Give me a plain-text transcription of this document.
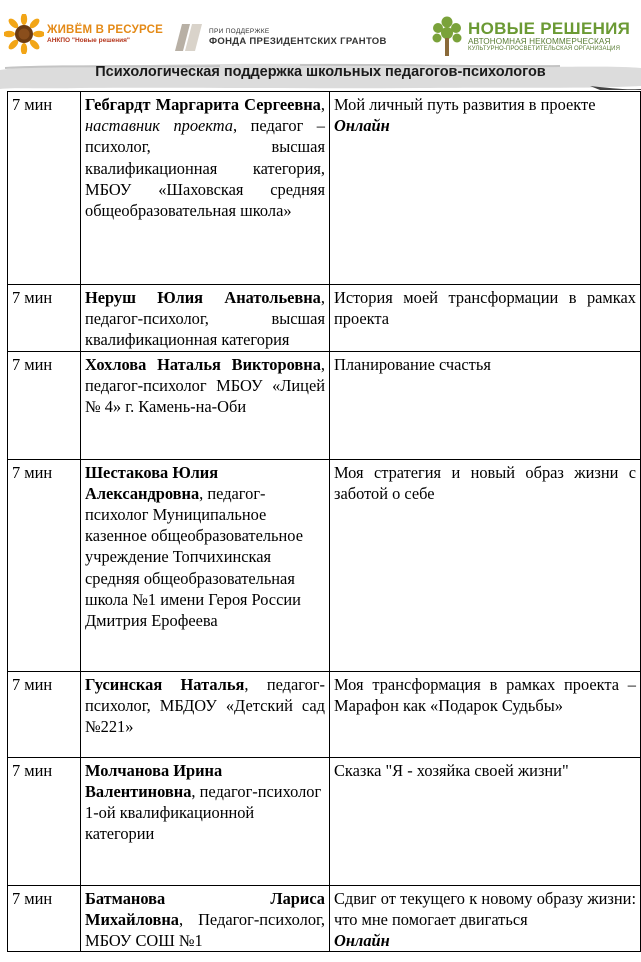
ЖИВЁМ В РЕСУРСЕ
АНКПО "Новые решения"
ПРИ ПОДДЕРЖКЕ
ФОНДА ПРЕЗИДЕНТСКИХ ГРАНТОВ
НОВЫЕ РЕШЕНИЯ
АВТОНОМНАЯ НЕКОММЕРЧЕСКАЯ
КУЛЬТУРНО-ПРОСВЕТИТЕЛЬСКАЯ ОРГАНИЗАЦИЯ
Психологическая поддержка школьных педагогов-психологов
7 мин	Гебгардт Маргарита Сергеевна, наставник проекта, педагог – психолог, высшая квалификационная категория, МБОУ «Шаховская средняя общеобразовательная школа»	Мой личный путь развития в проекте
Онлайн

7 мин	Неруш Юлия Анатольевна, педагог-психолог, высшая квалификационная категория	История моей трансформации в рамках проекта
7 мин	Хохлова Наталья Викторовна, педагог-психолог МБОУ «Лицей № 4» г. Камень-на-Оби	Планирование счастья
7 мин	Шестакова Юлия Александровна, педагог-психолог Муниципальное казенное общеобразовательное учреждение Топчихинская средняя общеобразовательная школа №1 имени Героя России Дмитрия Ерофеева	Моя стратегия и новый образ жизни с заботой о себе
7 мин	Гусинская Наталья, педагог-психолог, МБДОУ «Детский сад №221»	Моя трансформация в рамках проекта – Марафон как «Подарок Судьбы»
7 мин	Молчанова Ирина Валентиновна, педагог-психолог 1-ой квалификационной категории	Сказка "Я - хозяйка своей жизни"
7 мин	Батманова Лариса Михайловна, Педагог-психолог, МБОУ СОШ №1	Сдвиг от текущего к новому образу жизни: что мне помогает двигаться
Онлайн
